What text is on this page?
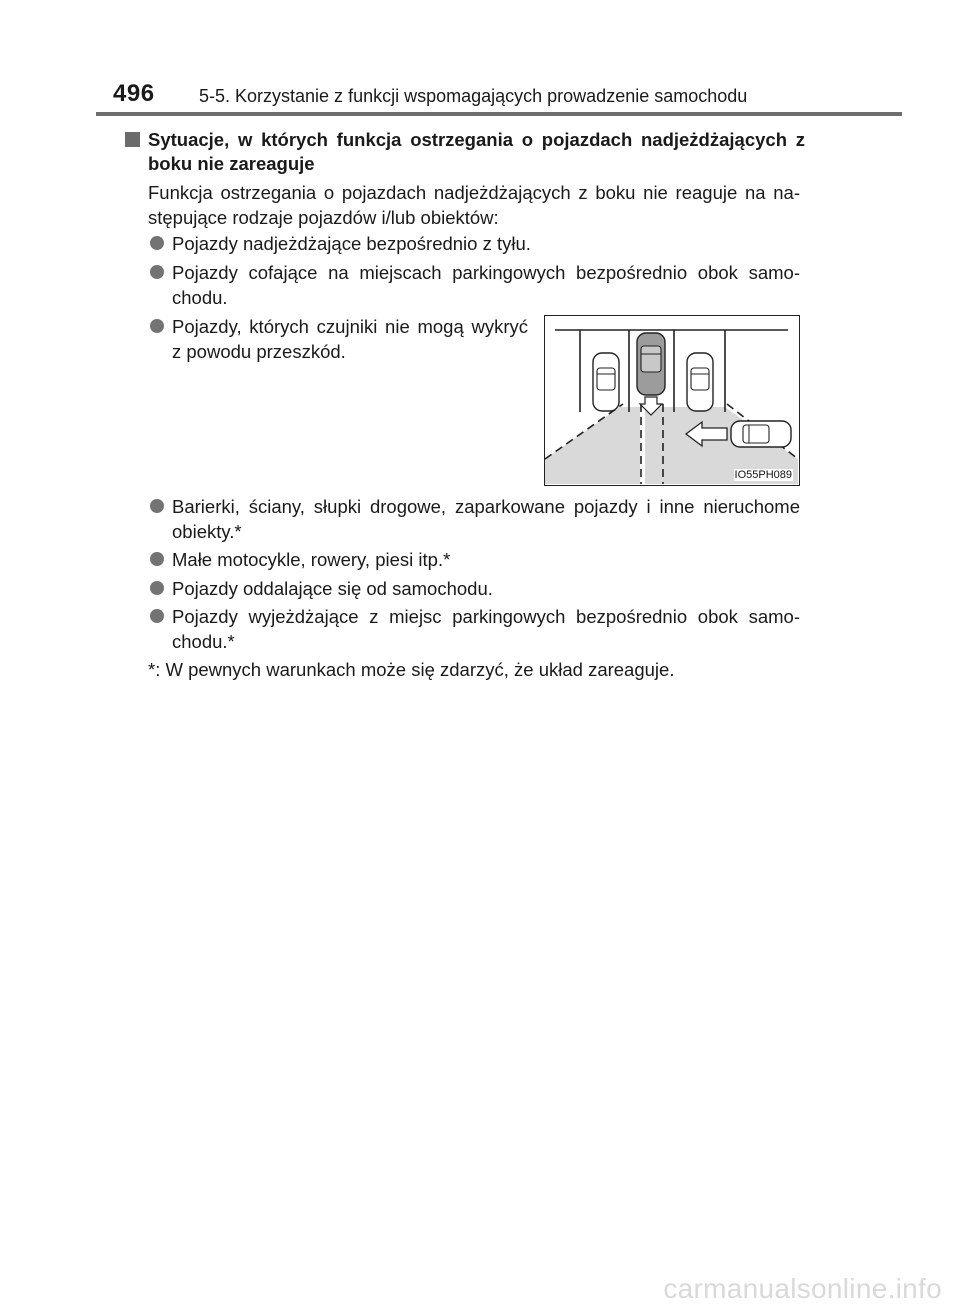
496 5-5. Korzystanie z funkcji wspomagających prowadzenie samochodu
Sytuacje, w których funkcja ostrzegania o pojazdach nadjeżdżających z boku nie zareaguje
Funkcja ostrzegania o pojazdach nadjeżdżających z boku nie reaguje na na-stępujące rodzaje pojazdów i/lub obiektów:
Pojazdy nadjeżdżające bezpośrednio z tyłu.
Pojazdy cofające na miejscach parkingowych bezpośrednio obok samo-chodu.
Pojazdy, których czujniki nie mogą wykryć z powodu przeszkód.
IO55PH089
Barierki, ściany, słupki drogowe, zaparkowane pojazdy i inne nieruchome obiekty.*
Małe motocykle, rowery, piesi itp.*
Pojazdy oddalające się od samochodu.
Pojazdy wyjeżdżające z miejsc parkingowych bezpośrednio obok samo-chodu.*
*: W pewnych warunkach może się zdarzyć, że układ zareaguje.
carmanualsonline.info
